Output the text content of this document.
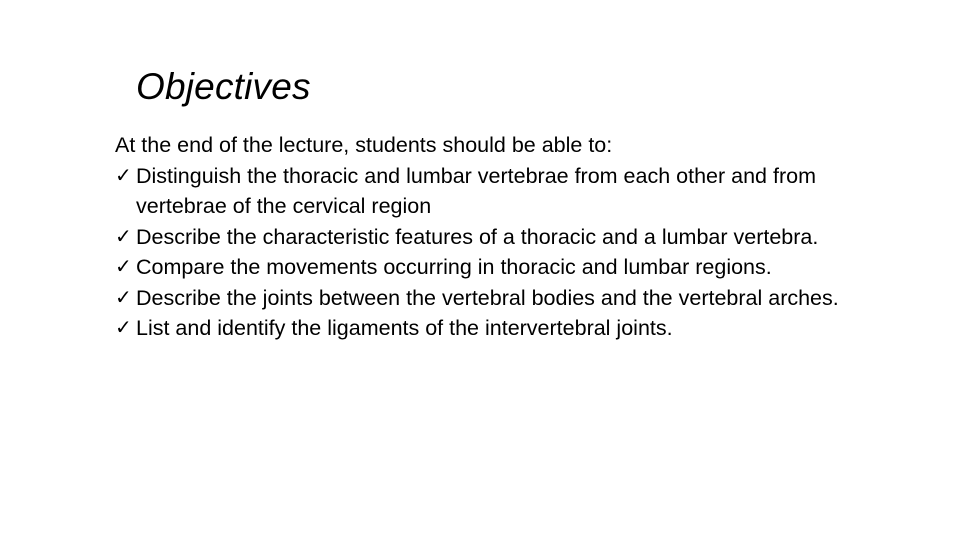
Objectives
At the end of the lecture, students should be able to:
✓ Distinguish the thoracic and lumbar vertebrae from each other and from vertebrae of the cervical region
✓ Describe the characteristic features of a thoracic and a lumbar vertebra.
✓ Compare the movements occurring in thoracic and lumbar regions.
✓ Describe the joints between the vertebral bodies and the vertebral arches.
✓ List and identify the ligaments of the intervertebral joints.
